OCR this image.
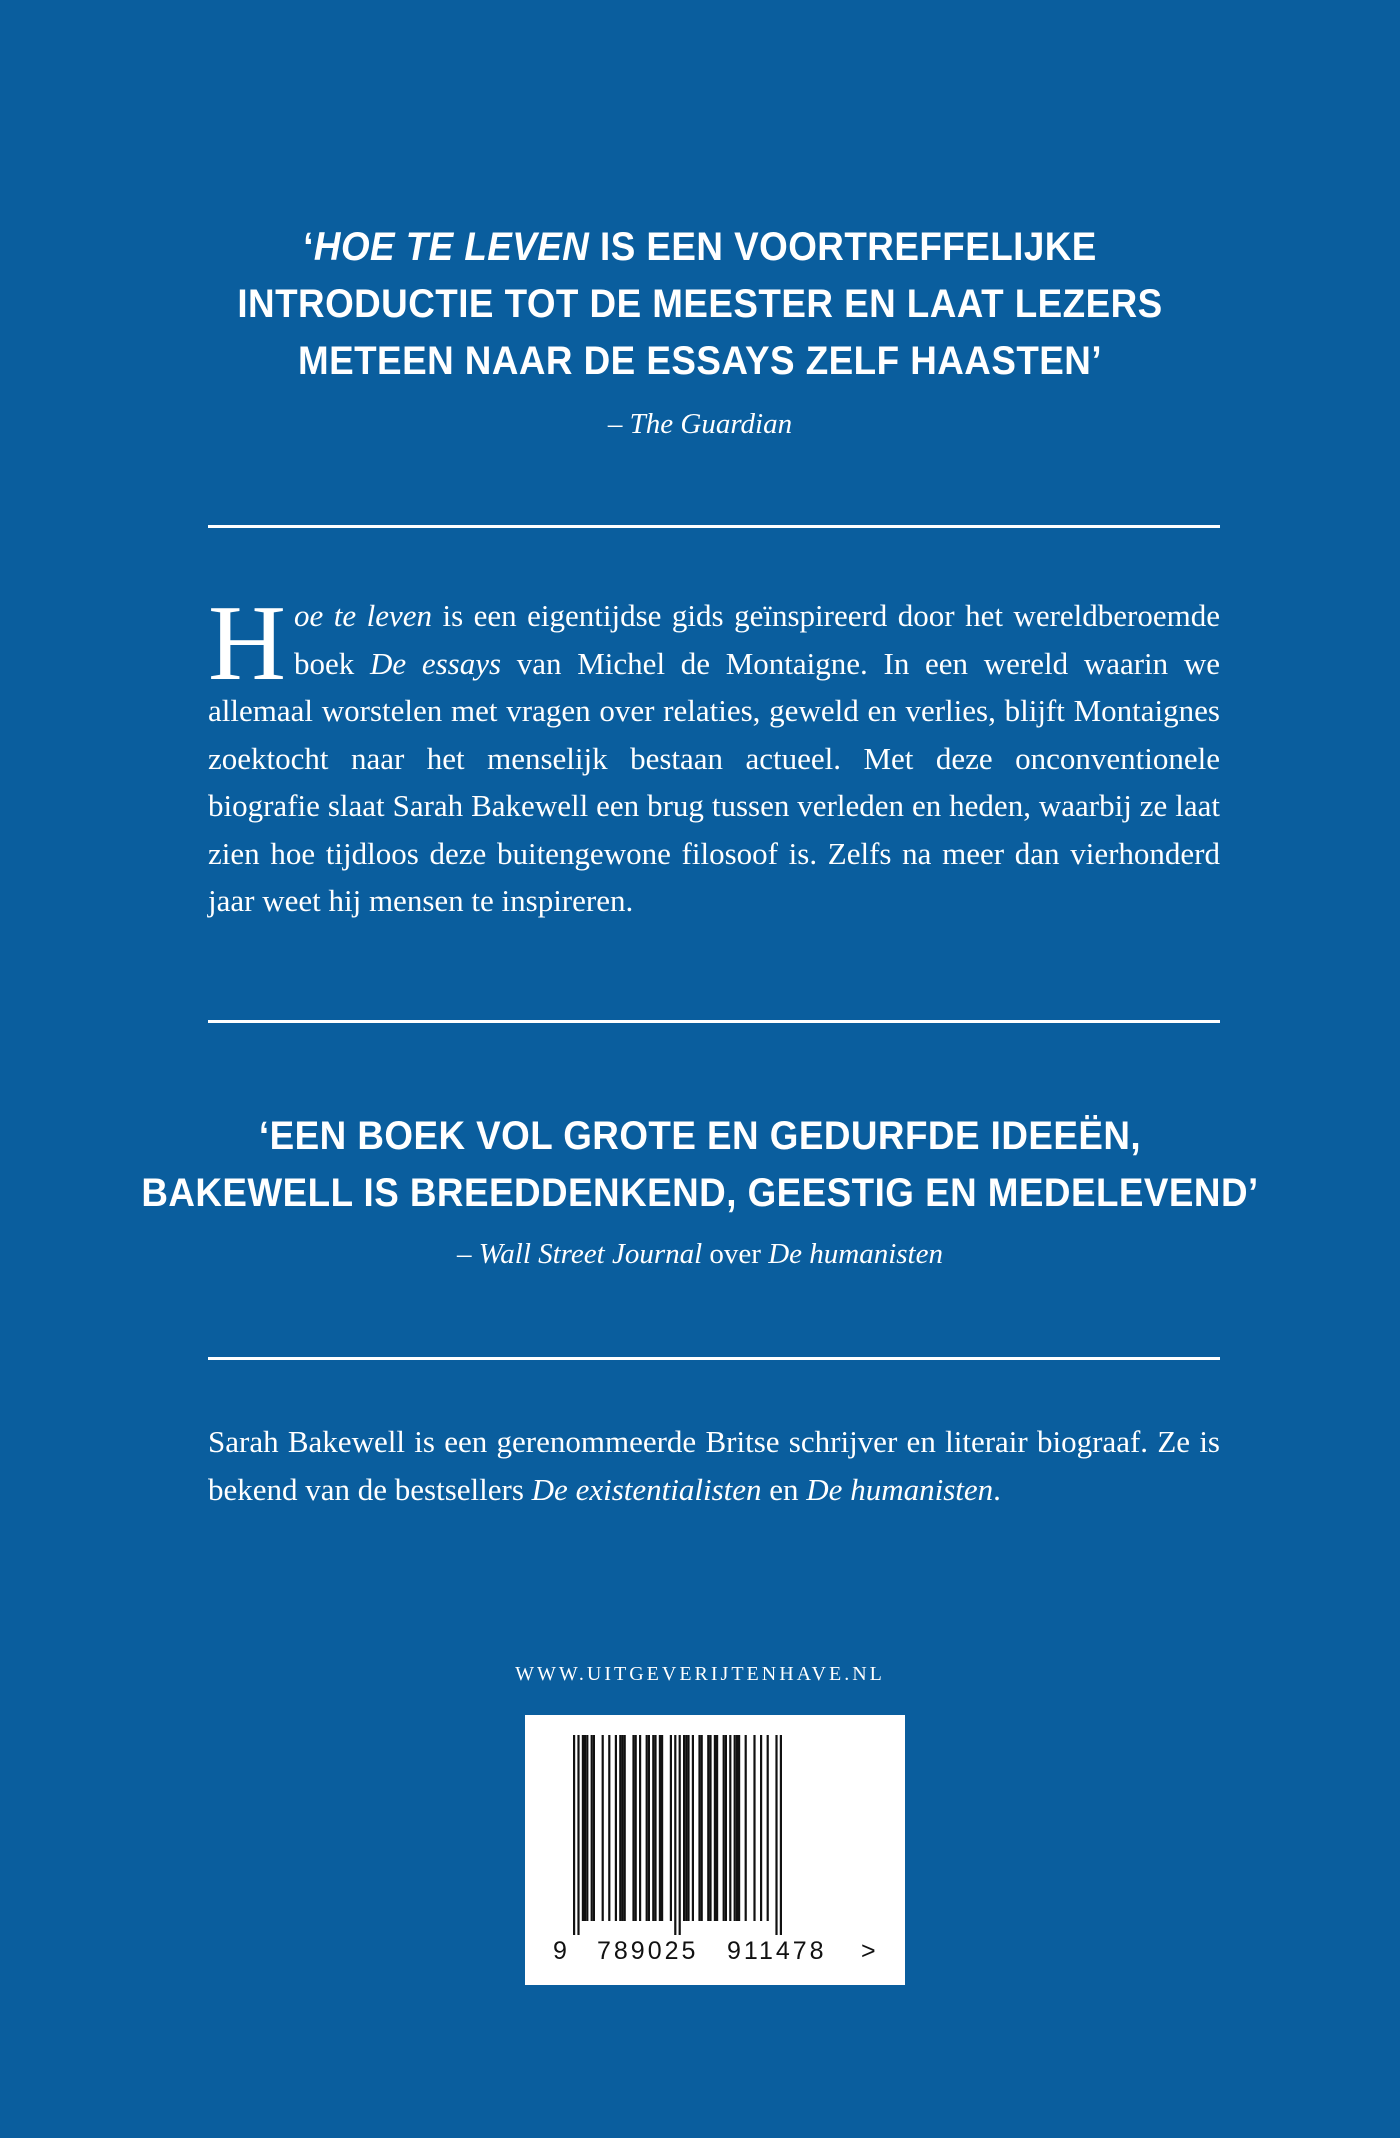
‘HOE TE LEVEN IS EEN VOORTREFFELIJKE
INTRODUCTIE TOT DE MEESTER EN LAAT LEZERS
METEEN NAAR DE ESSAYS ZELF HAASTEN’
– The Guardian
Hoe te leven is een eigentijdse gids geïnspireerd door het wereldberoemde boek De essays van Michel de Montaigne. In een wereld waarin we allemaal worstelen met vragen over relaties, geweld en verlies, blijft Montaignes zoektocht naar het menselijk bestaan actueel. Met deze onconventionele biografie slaat Sarah Bakewell een brug tussen verleden en heden, waarbij ze laat zien hoe tijdloos deze buitengewone filosoof is. Zelfs na meer dan vierhonderd jaar weet hij mensen te inspireren.
‘EEN BOEK VOL GROTE EN GEDURFDE IDEEËN,
BAKEWELL IS BREEDDENKEND, GEESTIG EN MEDELEVEND’
– Wall Street Journal over De humanisten
Sarah Bakewell is een gerenommeerde Britse schrijver en literair biograaf. Ze is bekend van de bestsellers De existentialisten en De humanisten.
WWW.UITGEVERIJTENHAVE.NL
9 789025 911478 >
